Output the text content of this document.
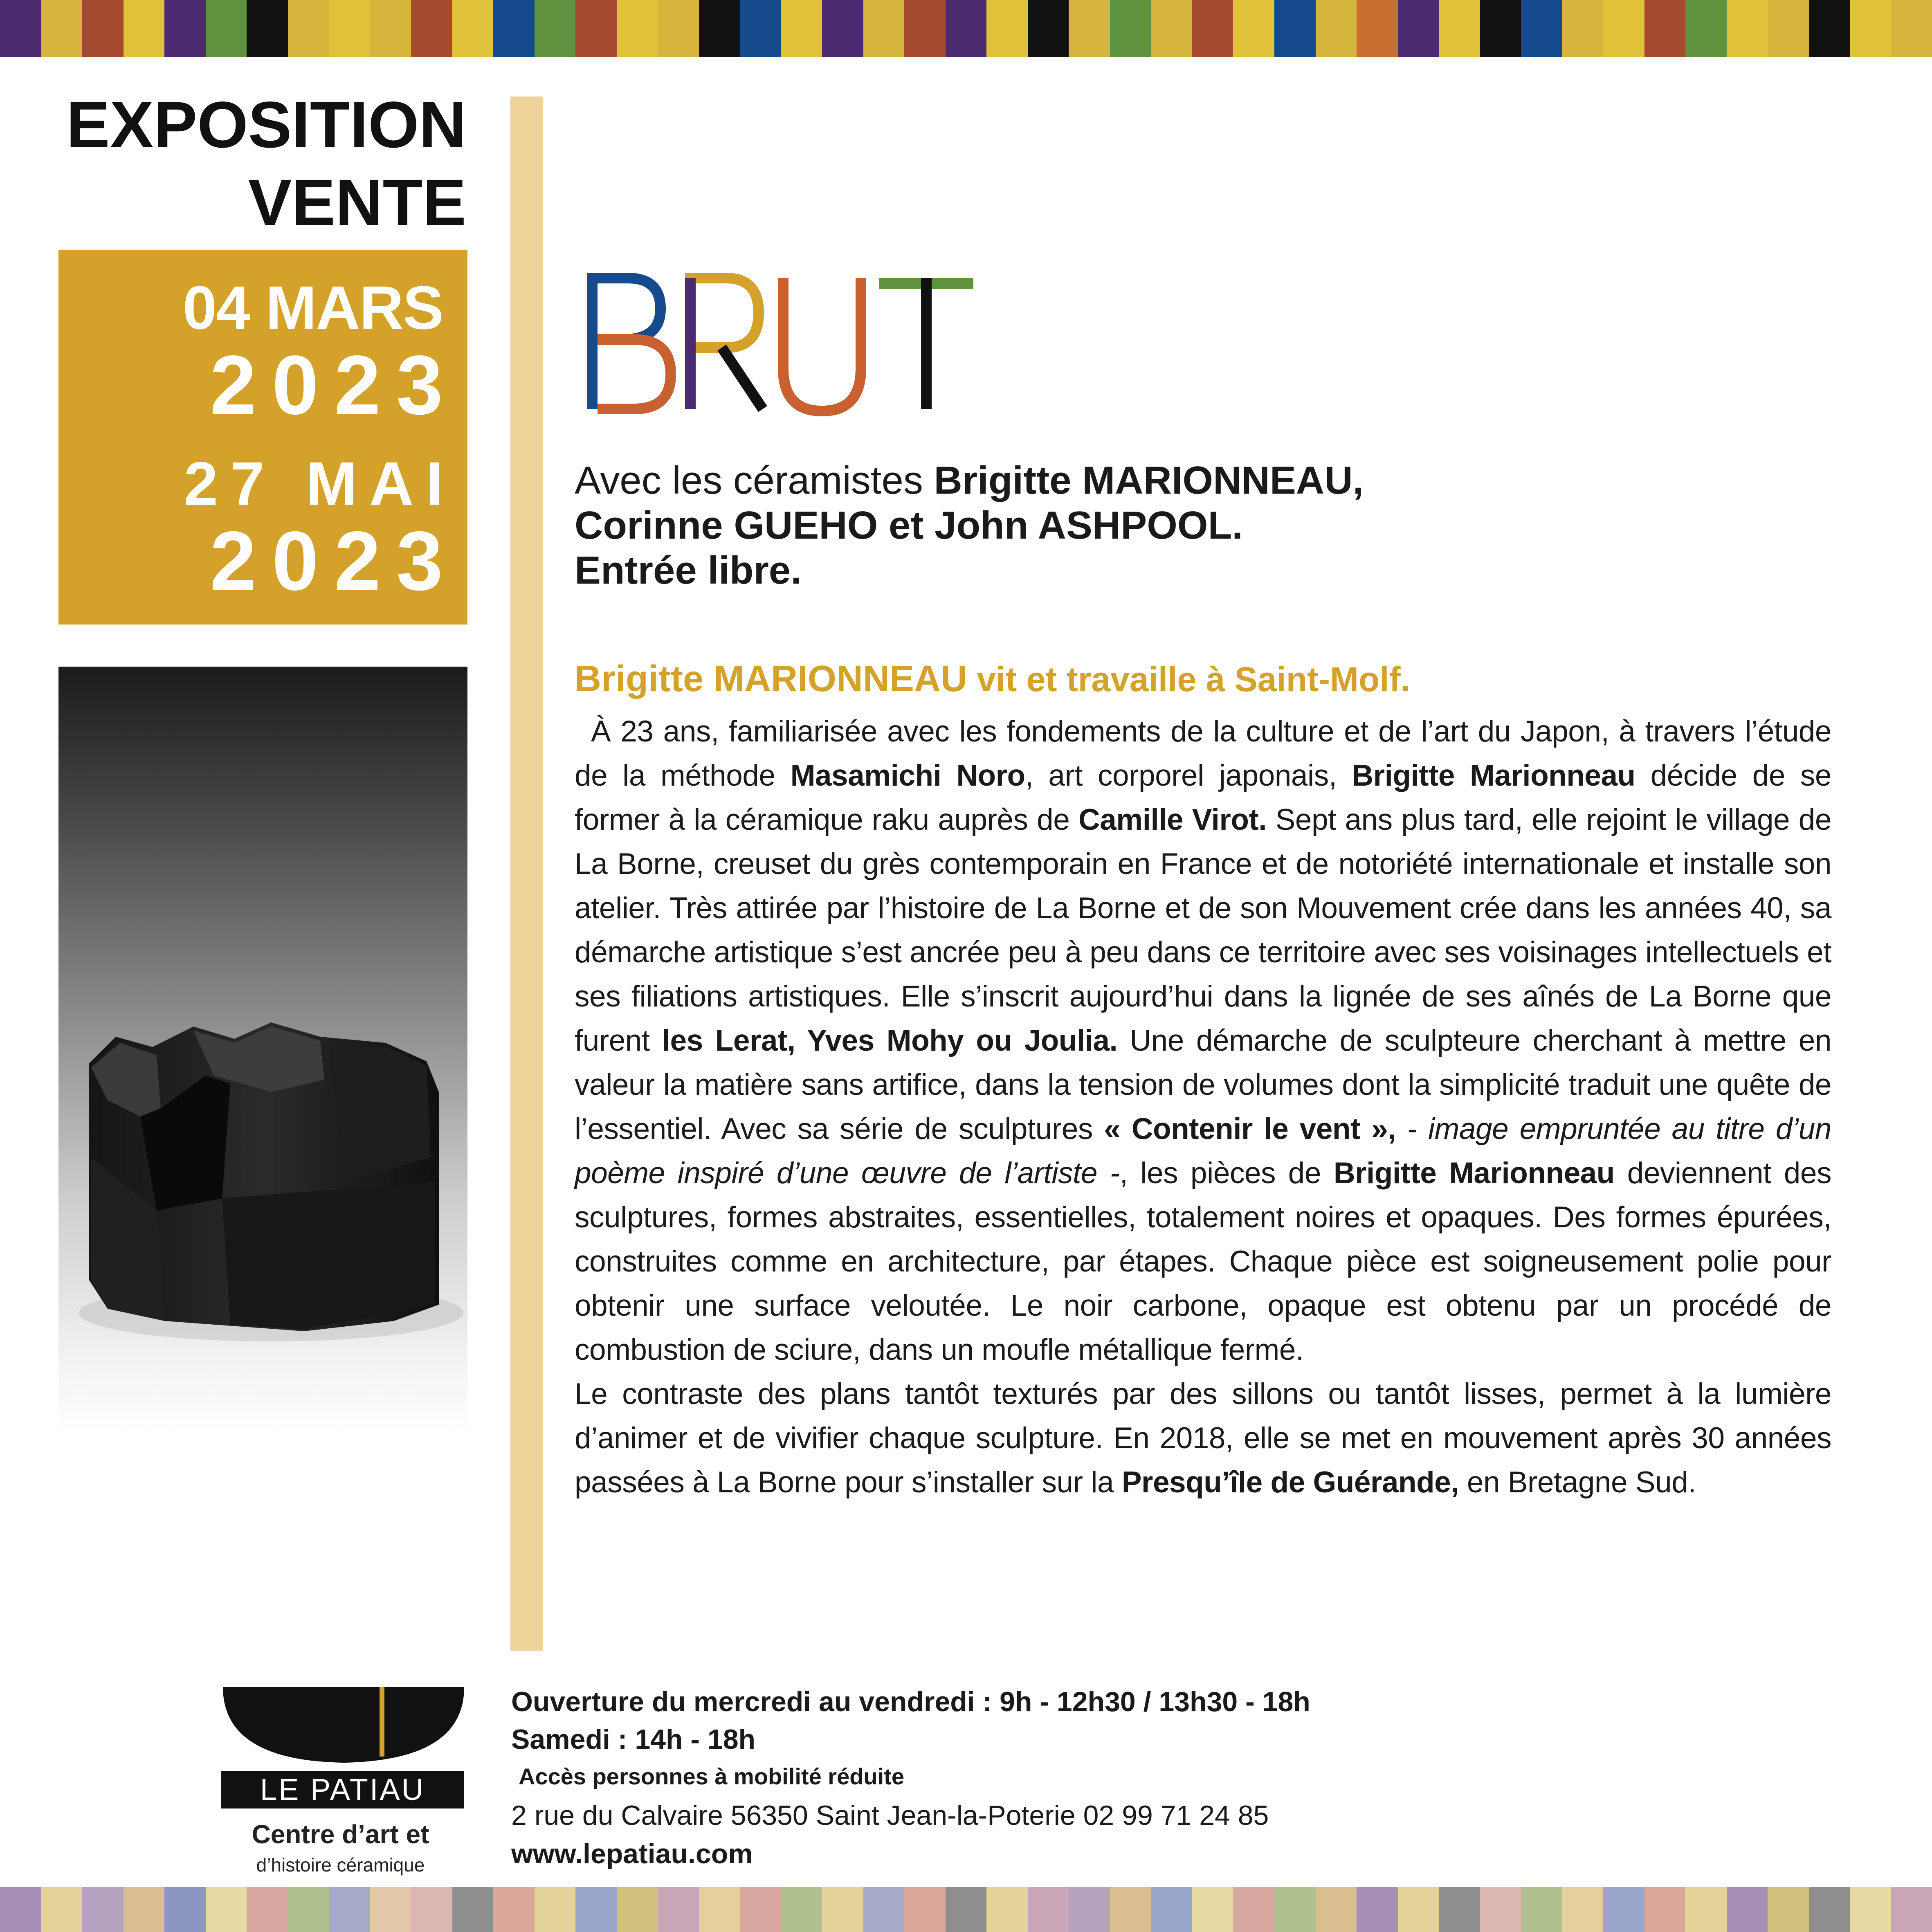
EXPOSITION
VENTE
04 MARS
2023
27 MAI
2023
Avec les céramistes Brigitte MARIONNEAU,
Corinne GUEHO et John ASHPOOL.
Entrée libre.
Brigitte MARIONNEAU vit et travaille à Saint-Molf.

À 23 ans, familiarisée avec les fondements de la culture et de l’art du Japon, à travers l’étude de la méthode Masamichi Noro, art corporel japonais, Brigitte Marionneau décide de se former à la céramique raku auprès de Camille Virot. Sept ans plus tard, elle rejoint le village de La Borne, creuset du grès contemporain en France et de notoriété internationale et installe son atelier. Très attirée par l’histoire de La Borne et de son Mouvement crée dans les années 40, sa démarche artistique s’est ancrée peu à peu dans ce territoire avec ses voisinages intellectuels et ses filiations artistiques. Elle s’inscrit aujourd’hui dans la lignée de ses aînés de La Borne que furent les Lerat, Yves Mohy ou Joulia. Une démarche de sculpteure cherchant à mettre en valeur la matière sans artifice, dans la tension de volumes dont la simplicité traduit une quête de l’essentiel. Avec sa série de sculptures « Contenir le vent », - image empruntée au titre d’un poème inspiré d’une œuvre de l’artiste -, les pièces de Brigitte Marionneau deviennent des sculptures, formes abstraites, essentielles, totalement noires et opaques. Des formes épurées, construites comme en architecture, par étapes. Chaque pièce est soigneusement polie pour obtenir une surface veloutée. Le noir carbone, opaque est obtenu par un procédé de combustion de sciure, dans un moufle métallique fermé.

Le contraste des plans tantôt texturés par des sillons ou tantôt lisses, permet à la lumière d’animer et de vivifier chaque sculpture. En 2018, elle se met en mouvement après 30 années passées à La Borne pour s’installer sur la Presqu’île de Guérande, en Bretagne Sud.

LE PATIAU
Centre d’art et
d’histoire céramique
Ouverture du mercredi au vendredi : 9h - 12h30 / 13h30 - 18h
Samedi : 14h - 18h
Accès personnes à mobilité réduite
2 rue du Calvaire 56350 Saint Jean-la-Poterie 02 99 71 24 85
www.lepatiau.com
